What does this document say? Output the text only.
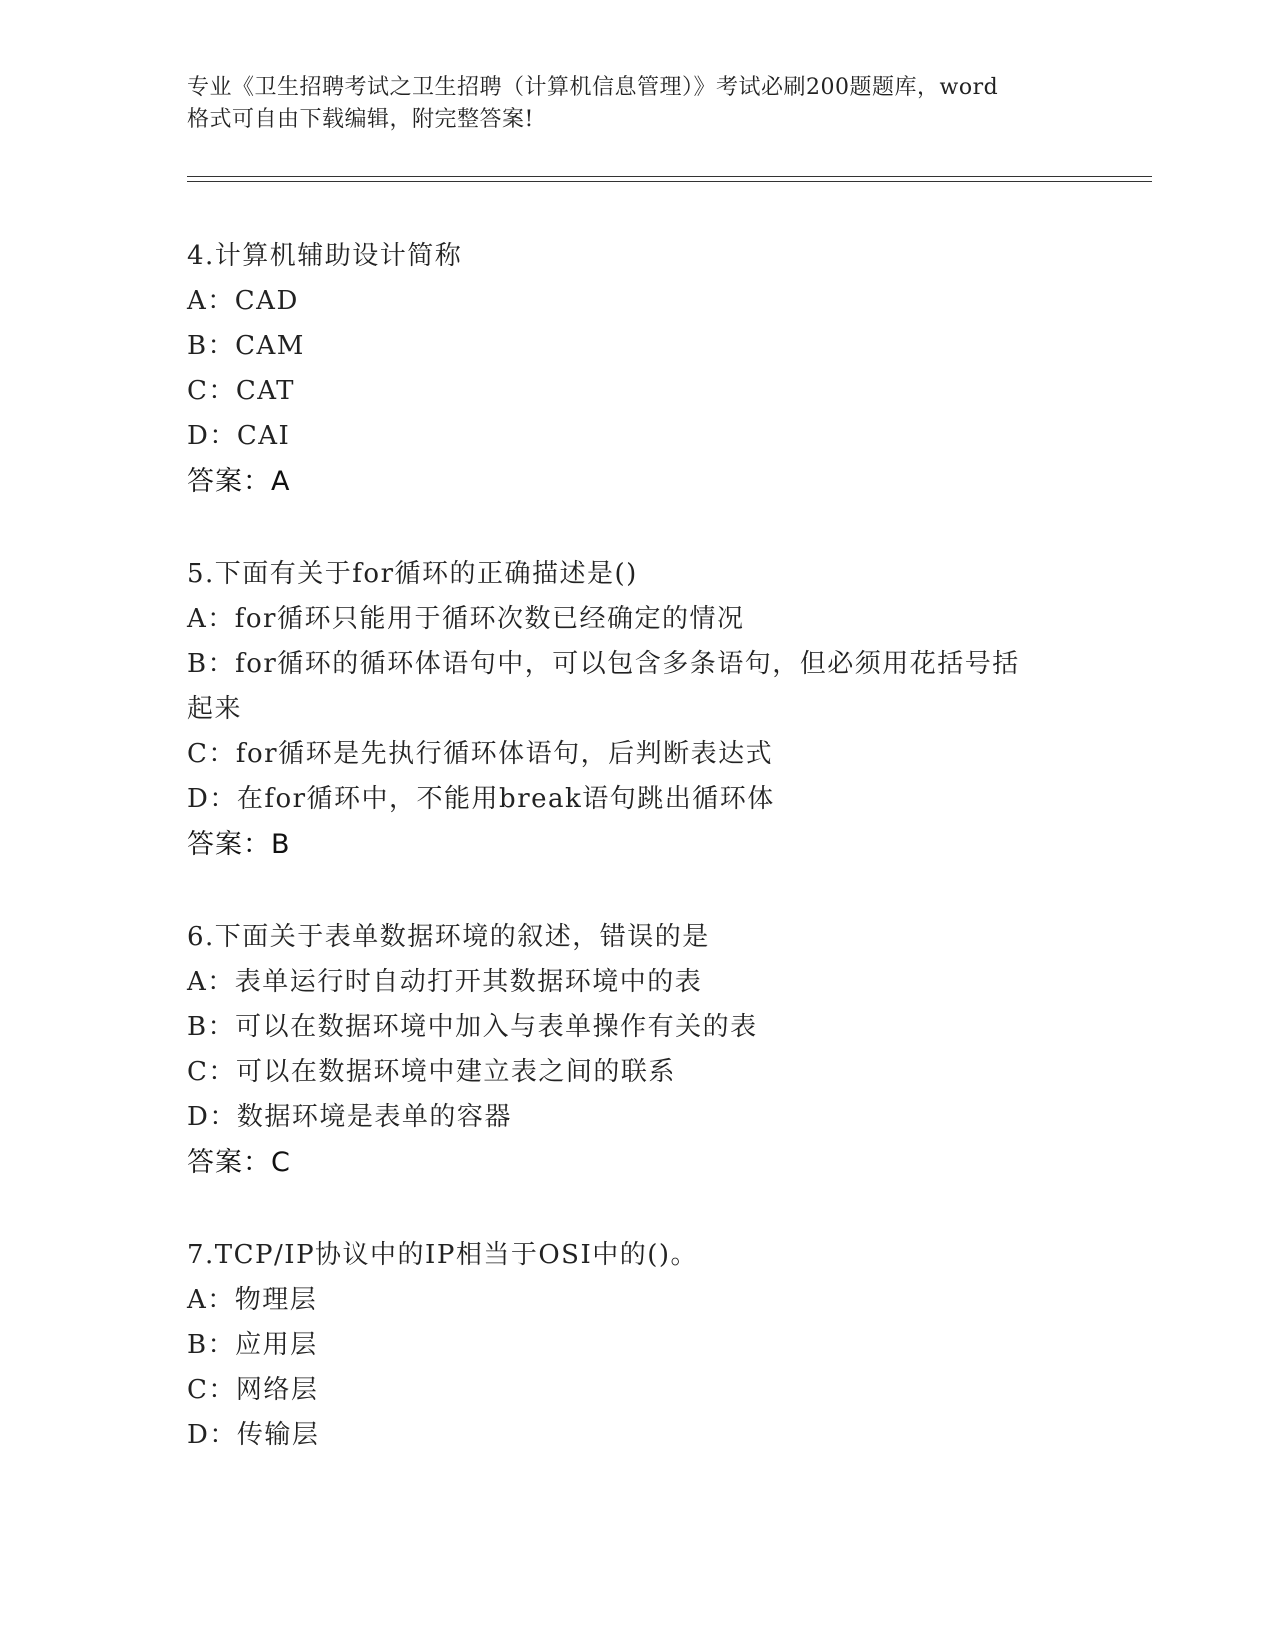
专业《卫生招聘考试之卫生招聘（计算机信息管理）》考试必刷200题题库，word
格式可自由下载编辑，附完整答案!
4.计算机辅助设计简称
A：CAD
B：CAM
C：CAT
D：CAI
答案：A
5.下面有关于for循环的正确描述是()
A：for循环只能用于循环次数已经确定的情况
B：for循环的循环体语句中，可以包含多条语句，但必须用花括号括起来
C：for循环是先执行循环体语句，后判断表达式
D：在for循环中，不能用break语句跳出循环体
答案：B
6.下面关于表单数据环境的叙述，错误的是
A：表单运行时自动打开其数据环境中的表
B：可以在数据环境中加入与表单操作有关的表
C：可以在数据环境中建立表之间的联系
D：数据环境是表单的容器
答案：C
7.TCP/IP协议中的IP相当于OSI中的()。
A：物理层
B：应用层
C：网络层
D：传输层
